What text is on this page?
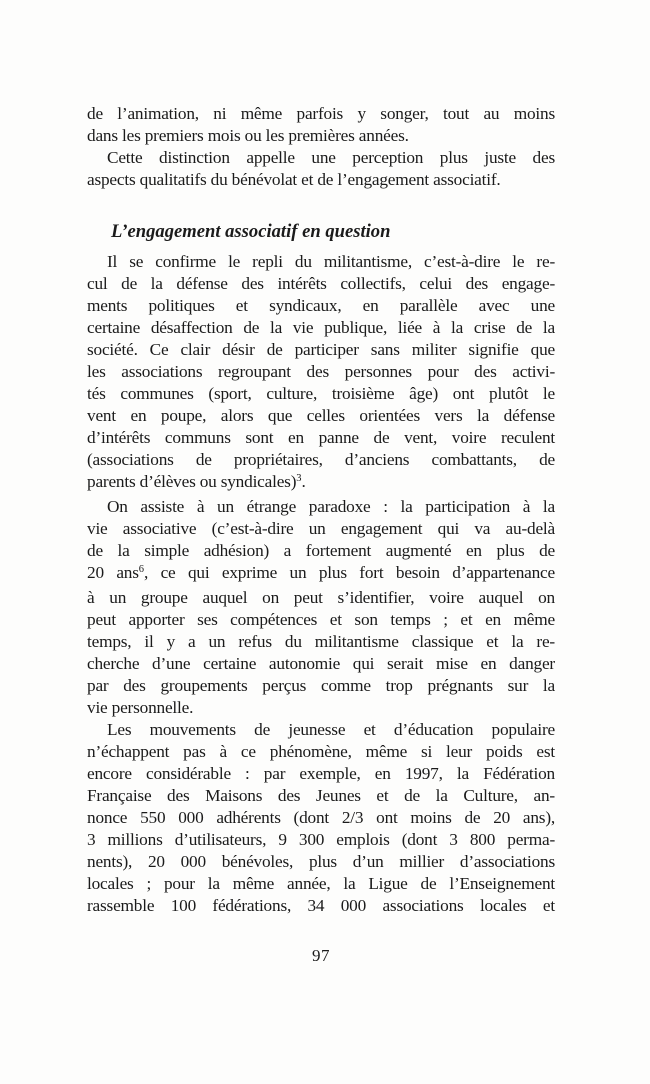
de l’animation, ni même parfois y songer, tout au moins
dans les premiers mois ou les premières années.

Cette distinction appelle une perception plus juste des
aspects qualitatifs du bénévolat et de l’engagement associatif.

L’engagement associatif en question

Il se confirme le repli du militantisme, c’est-à-dire le re-
cul de la défense des intérêts collectifs, celui des engage-
ments politiques et syndicaux, en parallèle avec une
certaine désaffection de la vie publique, liée à la crise de la
société. Ce clair désir de participer sans militer signifie que
les associations regroupant des personnes pour des activi-
tés communes (sport, culture, troisième âge) ont plutôt le
vent en poupe, alors que celles orientées vers la défense
d’intérêts communs sont en panne de vent, voire reculent
(associations de propriétaires, d’anciens combattants, de
parents d’élèves ou syndicales)$^3$.

On assiste à un étrange paradoxe : la participation à la
vie associative (c’est-à-dire un engagement qui va au-delà
de la simple adhésion) a fortement augmenté en plus de
20 ans$^6$, ce qui exprime un plus fort besoin d’appartenance
à un groupe auquel on peut s’identifier, voire auquel on
peut apporter ses compétences et son temps ; et en même
temps, il y a un refus du militantisme classique et la re-
cherche d’une certaine autonomie qui serait mise en danger
par des groupements perçus comme trop prégnants sur la
vie personnelle.

Les mouvements de jeunesse et d’éducation populaire
n’échappent pas à ce phénomène, même si leur poids est
encore considérable : par exemple, en 1997, la Fédération
Française des Maisons des Jeunes et de la Culture, an-
nonce 550 000 adhérents (dont 2/3 ont moins de 20 ans),
3 millions d’utilisateurs, 9 300 emplois (dont 3 800 perma-
nents), 20 000 bénévoles, plus d’un millier d’associations
locales ; pour la même année, la Ligue de l’Enseignement
rassemble 100 fédérations, 34 000 associations locales et

97
